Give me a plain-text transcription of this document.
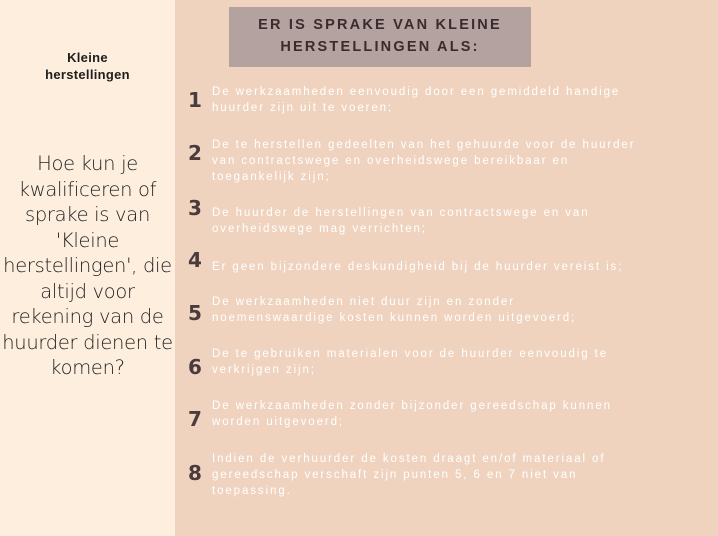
Kleine
herstellingen
Hoe kun je kwalificeren of sprake is van 'Kleine herstellingen', die altijd voor rekening van de huurder dienen te komen?
ER IS SPRAKE VAN KLEINE
HERSTELLINGEN ALS:
1 De werkzaamheden eenvoudig door een gemiddeld handige
huurder zijn uit te voeren;
2 De te herstellen gedeelten van het gehuurde voor de huurder
van contractswege en overheidswege bereikbaar en
toegankelijk zijn;
3 De huurder de herstellingen van contractswege en van
overheidswege mag verrichten;
4 Er geen bijzondere deskundigheid bij de huurder vereist is;
5 De werkzaamheden niet duur zijn en zonder
noemenswaardige kosten kunnen worden uitgevoerd;
6
De te gebruiken materialen voor de huurder eenvoudig te
verkrijgen zijn;
7
De werkzaamheden zonder bijzonder gereedschap kunnen
worden uitgevoerd;
8
Indien de verhuurder de kosten draagt en/of materiaal of
gereedschap verschaft zijn punten 5, 6 en 7 niet van
toepassing.
